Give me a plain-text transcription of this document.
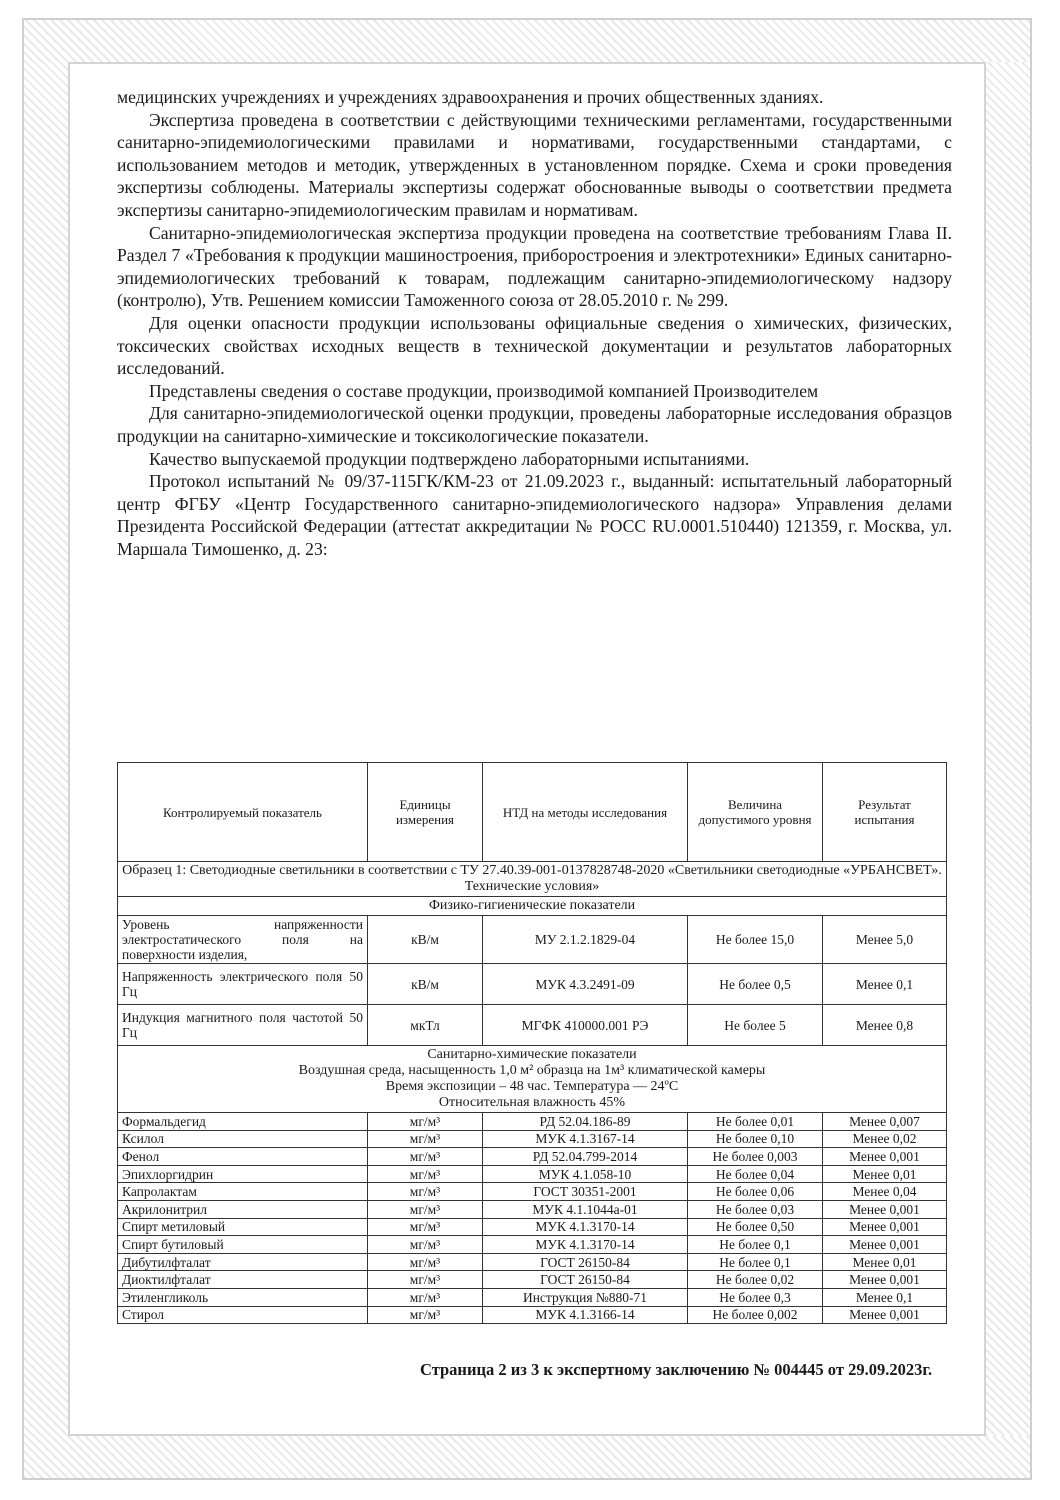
медицинских учреждениях и учреждениях здравоохранения и прочих общественных зданиях.

Экспертиза проведена в соответствии с действующими техническими регламентами, государственными санитарно-эпидемиологическими правилами и нормативами, государственными стандартами, с использованием методов и методик, утвержденных в установленном порядке. Схема и сроки проведения экспертизы соблюдены. Материалы экспертизы содержат обоснованные выводы о соответствии предмета экспертизы санитарно-эпидемиологическим правилам и нормативам.

Санитарно-эпидемиологическая экспертиза продукции проведена на соответствие требованиям Глава II. Раздел 7 «Требования к продукции машиностроения, приборостроения и электротехники» Единых санитарно-эпидемиологических требований к товарам, подлежащим санитарно-эпидемиологическому надзору (контролю), Утв. Решением комиссии Таможенного союза от 28.05.2010 г. № 299.

Для оценки опасности продукции использованы официальные сведения о химических, физических, токсических свойствах исходных веществ в технической документации и результатов лабораторных исследований.

Представлены сведения о составе продукции, производимой компанией Производителем

Для санитарно-эпидемиологической оценки продукции, проведены лабораторные исследования образцов продукции на санитарно-химические и токсикологические показатели.

Качество выпускаемой продукции подтверждено лабораторными испытаниями.

Протокол испытаний № 09/37-115ГК/КМ-23 от 21.09.2023 г., выданный: испытательный лабораторный центр ФГБУ «Центр Государственного санитарно-эпидемиологического надзора» Управления делами Президента Российской Федерации (аттестат аккредитации № РОСС RU.0001.510440) 121359, г. Москва, ул. Маршала Тимошенко, д. 23:

Контролируемый показатель	Единицы измерения	НТД на методы исследования	Величина допустимого уровня	Результат испытания
Образец 1: Светодиодные светильники в соответствии с ТУ 27.40.39-001-0137828748-2020 «Светильники светодиодные «УРБАНСВЕТ». Технические условия»				
Физико-гигиенические показатели				
Уровень напряженности электростатического поля на поверхности изделия,	кВ/м	МУ 2.1.2.1829-04	Не более 15,0	Менее 5,0
Напряженность электрического поля 50 Гц	кВ/м	МУК 4.3.2491-09	Не более 0,5	Менее 0,1
Индукция магнитного поля частотой 50 Гц	мкТл	МГФК 410000.001 РЭ	Не более 5	Менее 0,8

Санитарно-химические показатели
Воздушная среда, насыщенность 1,0 м² образца на 1м³ климатической камеры
Время экспозиции – 48 час. Температура — 24ºС
Относительная влажность 45%				

Формальдегид	мг/м³	РД 52.04.186-89	Не более 0,01	Менее 0,007
Ксилол	мг/м³	МУК 4.1.3167-14	Не более 0,10	Менее 0,02
Фенол	мг/м³	РД 52.04.799-2014	Не более 0,003	Менее 0,001
Эпихлоргидрин	мг/м³	МУК 4.1.058-10	Не более 0,04	Менее 0,01
Капролактам	мг/м³	ГОСТ 30351-2001	Не более 0,06	Менее 0,04
Акрилонитрил	мг/м³	МУК 4.1.1044а-01	Не более 0,03	Менее 0,001
Спирт метиловый	мг/м³	МУК 4.1.3170-14	Не более 0,50	Менее 0,001
Спирт бутиловый	мг/м³	МУК 4.1.3170-14	Не более 0,1	Менее 0,001
Дибутилфталат	мг/м³	ГОСТ 26150-84	Не более 0,1	Менее 0,01
Диоктилфталат	мг/м³	ГОСТ 26150-84	Не более 0,02	Менее 0,001
Этиленгликоль	мг/м³	Инструкция №880-71	Не более 0,3	Менее 0,1
Стирол	мг/м³	МУК 4.1.3166-14	Не более 0,002	Менее 0,001
Страница 2 из 3 к экспертному заключению № 004445 от 29.09.2023г.
